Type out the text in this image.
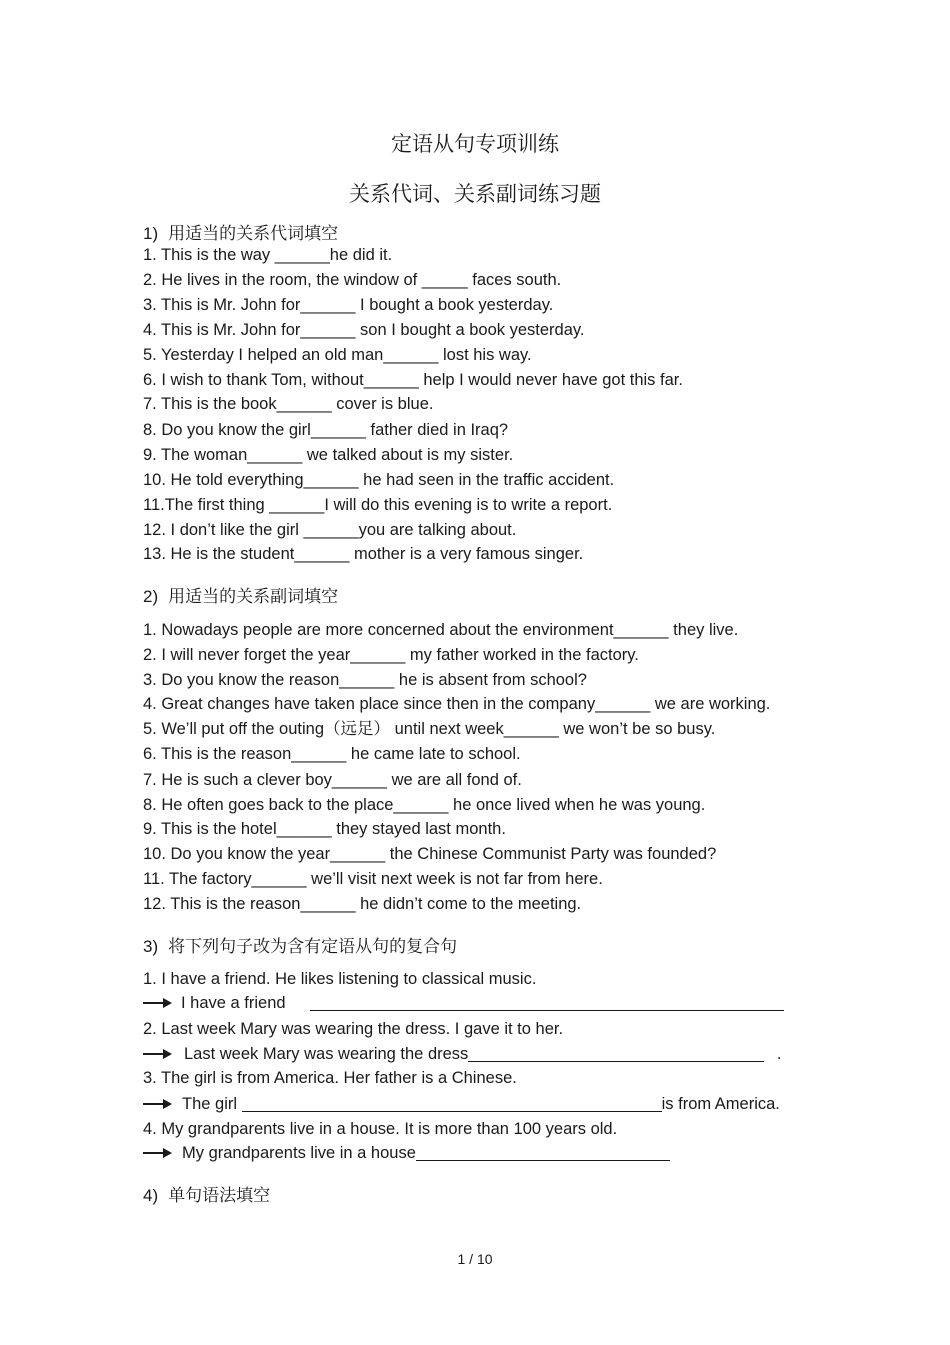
定语从句专项训练
关系代词、关系副词练习题
1) 用适当的关系代词填空
1. This is the way ______he did it.
2. He lives in the room, the window of _____ faces south.
3. This is Mr. John for______ I bought a book yesterday.
4. This is Mr. John for______ son I bought a book yesterday.
5. Yesterday I helped an old man______ lost his way.
6. I wish to thank Tom, without______ help I would never have got this far.
7. This is the book______ cover is blue.
8. Do you know the girl______ father died in Iraq?
9. The woman______ we talked about is my sister.
10. He told everything______ he had seen in the traffic accident.
11.The first thing ______I will do this evening is to write a report.
12. I don’t like the girl ______you are talking about.
13. He is the student______ mother is a very famous singer.
2) 用适当的关系副词填空
1. Nowadays people are more concerned about the environment______ they live.
2. I will never forget the year______ my father worked in the factory.
3. Do you know the reason______ he is absent from school?
4. Great changes have taken place since then in the company______ we are working.
5. We’ll put off the outing（远足） until next week______ we won’t be so busy.
6. This is the reason______ he came late to school.
7. He is such a clever boy______ we are all fond of.
8. He often goes back to the place______ he once lived when he was young.
9. This is the hotel______ they stayed last month.
10. Do you know the year______ the Chinese Communist Party was founded?
11. The factory______ we’ll visit next week is not far from here.
12. This is the reason______ he didn’t come to the meeting.
3) 将下列句子改为含有定语从句的复合句
1. I have a friend. He likes listening to classical music.
I have a friend
2. Last week Mary was wearing the dress. I gave it to her.
Last week Mary was wearing the dress	.
3. The girl is from America. Her father is a Chinese.
The girl	is from America.
4. My grandparents live in a house. It is more than 100 years old.
My grandparents live in a house
4) 单句语法填空
1 / 10
